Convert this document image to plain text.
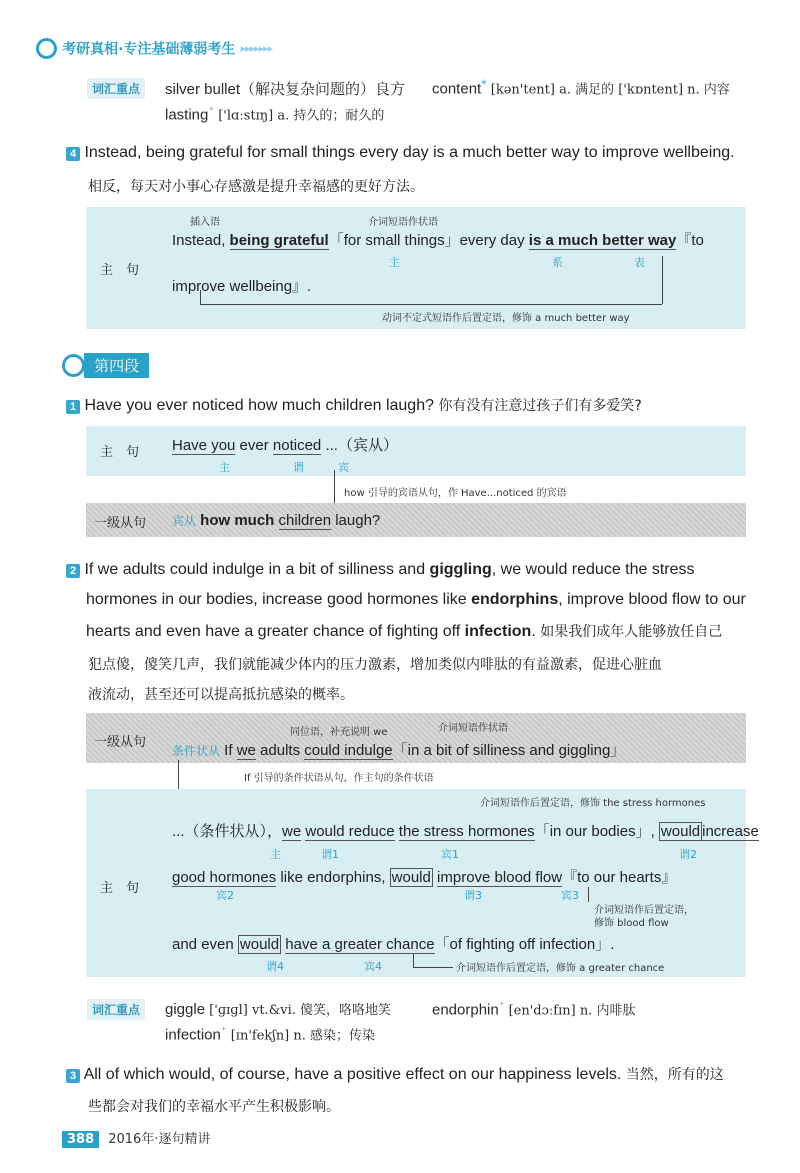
考研真相·专注基础薄弱考生 ▸▸▸▸▸▸▸
词汇重点	silver bullet（解决复杂问题的）良方 content* [kən'tent] a. 满足的 ['kɒntent] n. 内容
lasting⁺ ['lɑːstɪŋ] a. 持久的；耐久的
4 Instead, being grateful for small things every day is a much better way to improve wellbeing.
相反，每天对小事心存感激是提升幸福感的更好方法。
主　句
插入语	介词短语作状语
Instead, being grateful「for small things」every day is a much better way『to
主	系	表
improve wellbeing』.
动词不定式短语作后置定语，修饰 a much better way
第四段
1 Have you ever noticed how much children laugh? 你有没有注意过孩子们有多爱笑?
主　句 Have you ever noticed ...（宾从）
主	谓	宾
how 引导的宾语从句，作 Have...noticed 的宾语
一级从句 宾从 how much children laugh?
2 If we adults could indulge in a bit of silliness and giggling, we would reduce the stress
hormones in our bodies, increase good hormones like endorphins, improve blood flow to our
hearts and even have a greater chance of fighting off infection. 如果我们成年人能够放任自己
犯点傻，傻笑几声，我们就能减少体内的压力激素，增加类似内啡肽的有益激素，促进心脏血
液流动，甚至还可以提高抵抗感染的概率。
一级从句
同位语，补充说明 we	介词短语作状语
条件状从 If we adults could indulge「in a bit of silliness and giggling」
If 引导的条件状语从句，作主句的条件状语
主　句
介词短语作后置定语，修饰 the stress hormones
...（条件状从），we would reduce the stress hormones「in our bodies」, would increase
主	谓1	宾1	谓2
good hormones like endorphins, would improve blood flow『to our hearts』
宾2	谓3	宾3
介词短语作后置定语，
修饰 blood flow
and even would have a greater chance「of fighting off infection」.
谓4	宾4	介词短语作后置定语，修饰 a greater chance
词汇重点	giggle ['ɡɪɡl] vt.&vi. 傻笑，咯咯地笑	endorphin⁺ [en'dɔːfɪn] n. 内啡肽
infection⁺ [ɪn'fekʃn] n. 感染；传染
3 All of which would, of course, have a positive effect on our happiness levels. 当然，所有的这
些都会对我们的幸福水平产生积极影响。
388 2016年·逐句精讲
